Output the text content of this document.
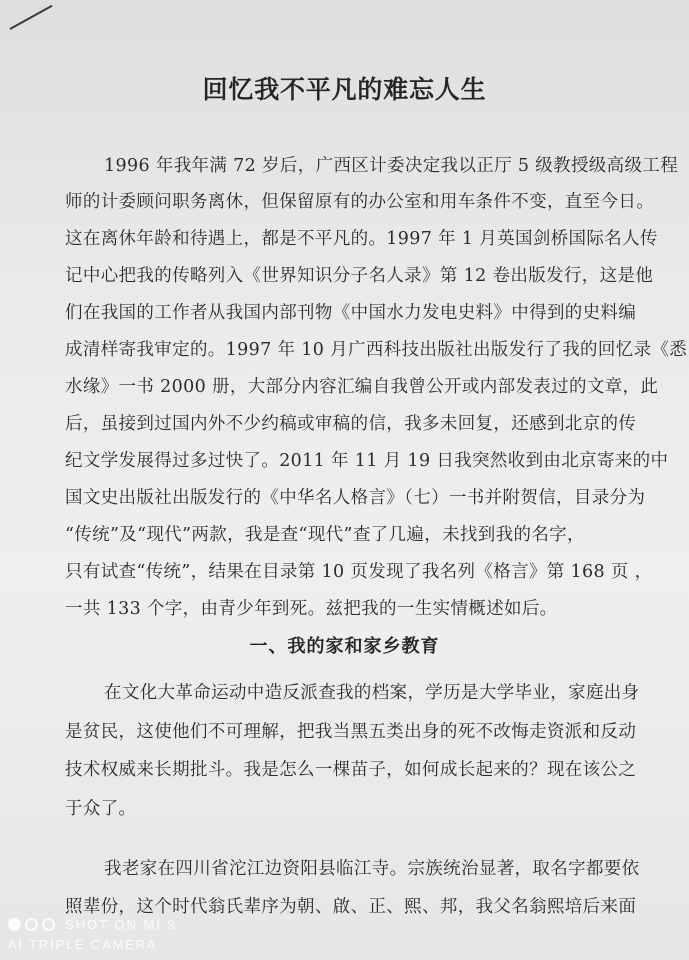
回忆我不平凡的难忘人生
1996 年我年满 72 岁后，广西区计委决定我以正厅 5 级教授级高级工程
师的计委顾问职务离休，但保留原有的办公室和用车条件不变，直至今日。
这在离休年龄和待遇上，都是不平凡的。1997 年 1 月英国剑桥国际名人传
记中心把我的传略列入《世界知识分子名人录》第 12 卷出版发行，这是他
们在我国的工作者从我国内部刊物《中国水力发电史料》中得到的史料编
成清样寄我审定的。1997 年 10 月广西科技出版社出版发行了我的回忆录《悉
水缘》一书 2000 册，大部分内容汇编自我曾公开或内部发表过的文章，此
后，虽接到过国内外不少约稿或审稿的信，我多未回复，还感到北京的传
纪文学发展得过多过快了。2011 年 11 月 19 日我突然收到由北京寄来的中
国文史出版社出版发行的《中华名人格言》（七）一书并附贺信，目录分为
“传统”及“现代”两款，我是查“现代”查了几遍，未找到我的名字，
只有试查“传统”，结果在目录第 10 页发现了我名列《格言》第 168 页 ，
一共 133 个字，由青少年到死。兹把我的一生实情概述如后。
一、我的家和家乡教育
在文化大革命运动中造反派查我的档案，学历是大学毕业，家庭出身
是贫民，这使他们不可理解，把我当黑五类出身的死不改悔走资派和反动
技术权威来长期批斗。我是怎么一棵苗子，如何成长起来的？现在该公之
于众了。
我老家在四川省沱江边资阳县临江寺。宗族统治显著，取名字都要依
照辈份，这个时代翁氏辈序为朝、啟、正、熙、邦，我父名翁熙培后来面
SHOT ON MI 9
AI TRIPLE CAMERA
